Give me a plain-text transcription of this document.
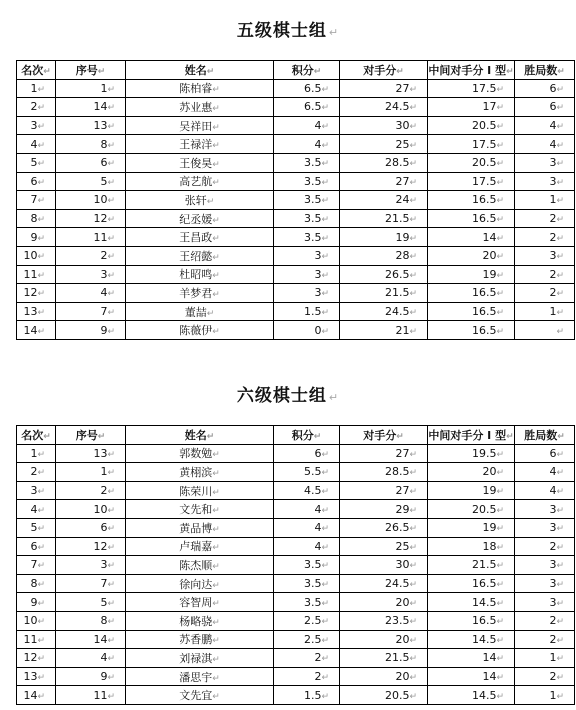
五级棋士组 ↵
名次↵	序号↵	姓名↵	积分↵	对手分↵	中间对手分 I 型↵	胜局数↵
1↵	1↵	陈柏睿↵	6.5↵	27↵	17.5↵	6↵
2↵	14↵	苏业惠↵	6.5↵	24.5↵	17↵	6↵
3↵	13↵	吴祥田↵	4↵	30↵	20.5↵	4↵
4↵	8↵	王禄洋↵	4↵	25↵	17.5↵	4↵
5↵	6↵	王俊昊↵	3.5↵	28.5↵	20.5↵	3↵
6↵	5↵	高艺航↵	3.5↵	27↵	17.5↵	3↵
7↵	10↵	张轩↵	3.5↵	24↵	16.5↵	1↵
8↵	12↵	纪丞媛↵	3.5↵	21.5↵	16.5↵	2↵
9↵	11↵	王昌政↵	3.5↵	19↵	14↵	2↵
10↵	2↵	王绍懿↵	3↵	28↵	20↵	3↵
11↵	3↵	杜昭鸣↵	3↵	26.5↵	19↵	2↵
12↵	4↵	羊梦君↵	3↵	21.5↵	16.5↵	2↵
13↵	7↵	董喆↵	1.5↵	24.5↵	16.5↵	1↵
14↵	9↵	陈薇伊↵	0↵	21↵	16.5↵	↵
六级棋士组 ↵
名次↵	序号↵	姓名↵	积分↵	对手分↵	中间对手分 I 型↵	胜局数↵
1↵	13↵	郭数勉↵	6↵	27↵	19.5↵	6↵
2↵	1↵	黄栩滨↵	5.5↵	28.5↵	20↵	4↵
3↵	2↵	陈荣川↵	4.5↵	27↵	19↵	4↵
4↵	10↵	文先和↵	4↵	29↵	20.5↵	3↵
5↵	6↵	黄品博↵	4↵	26.5↵	19↵	3↵
6↵	12↵	卢瑞嘉↵	4↵	25↵	18↵	2↵
7↵	3↵	陈杰顺↵	3.5↵	30↵	21.5↵	3↵
8↵	7↵	徐向达↵	3.5↵	24.5↵	16.5↵	3↵
9↵	5↵	容智周↵	3.5↵	20↵	14.5↵	3↵
10↵	8↵	杨略骁↵	2.5↵	23.5↵	16.5↵	2↵
11↵	14↵	苏香鹏↵	2.5↵	20↵	14.5↵	2↵
12↵	4↵	刘禄淇↵	2↵	21.5↵	14↵	1↵
13↵	9↵	潘思宇↵	2↵	20↵	14↵	2↵
14↵	11↵	文先宜↵	1.5↵	20.5↵	14.5↵	1↵
